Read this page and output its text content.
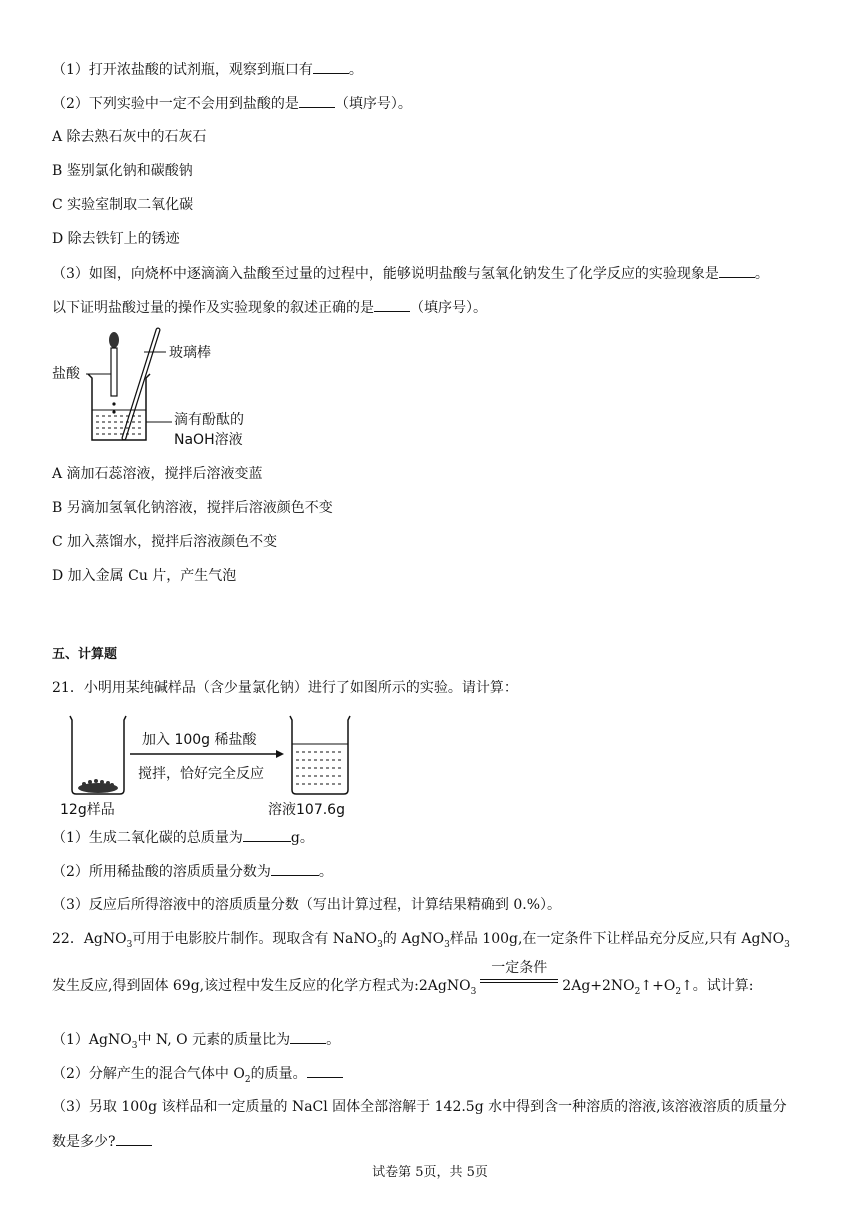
（1）打开浓盐酸的试剂瓶，观察到瓶口有	。
（2）下列实验中一定不会用到盐酸的是	（填序号）。
A 除去熟石灰中的石灰石
B 鉴别氯化钠和碳酸钠
C 实验室制取二氧化碳
D 除去铁钉上的锈迹
（3）如图，向烧杯中逐滴滴入盐酸至过量的过程中，能够说明盐酸与氢氧化钠发生了化学反应的实验现象是	。
以下证明盐酸过量的操作及实验现象的叙述正确的是	（填序号）。
盐酸
玻璃棒
滴有酚酞的
NaOH溶液
A 滴加石蕊溶液，搅拌后溶液变蓝
B 另滴加氢氧化钠溶液，搅拌后溶液颜色不变
C 加入蒸馏水，搅拌后溶液颜色不变
D 加入金属 Cu 片，产生气泡
五、计算题
21．小明用某纯碱样品（含少量氯化钠）进行了如图所示的实验。请计算：
12g样品
加入 100g 稀盐酸
搅拌，恰好完全反应
溶液107.6g
（1）生成二氧化碳的总质量为	g。
（2）所用稀盐酸的溶质质量分数为	。
（3）反应后所得溶液中的溶质质量分数（写出计算过程，计算结果精确到 0.%）。
22．AgNO$_3$可用于电影胶片制作。现取含有 NaNO$_3$的 AgNO$_3$样品 100g,在一定条件下让样品充分反应,只有 AgNO$_3$
发生反应,得到固体 69g,该过程中发生反应的化学方程式为:2AgNO$_3$
一定条件
$2Ag+2NO_2↑+O_2↑$。试计算:
（1）AgNO$_3$中 N, O 元素的质量比为	。
（2）分解产生的混合气体中 $O_2$的质量。
（3）另取 100g 该样品和一定质量的 NaCl 固体全部溶解于 142.5g 水中得到含一种溶质的溶液,该溶液溶质的质量分
数是多少?
试卷第 5页，共 5页
